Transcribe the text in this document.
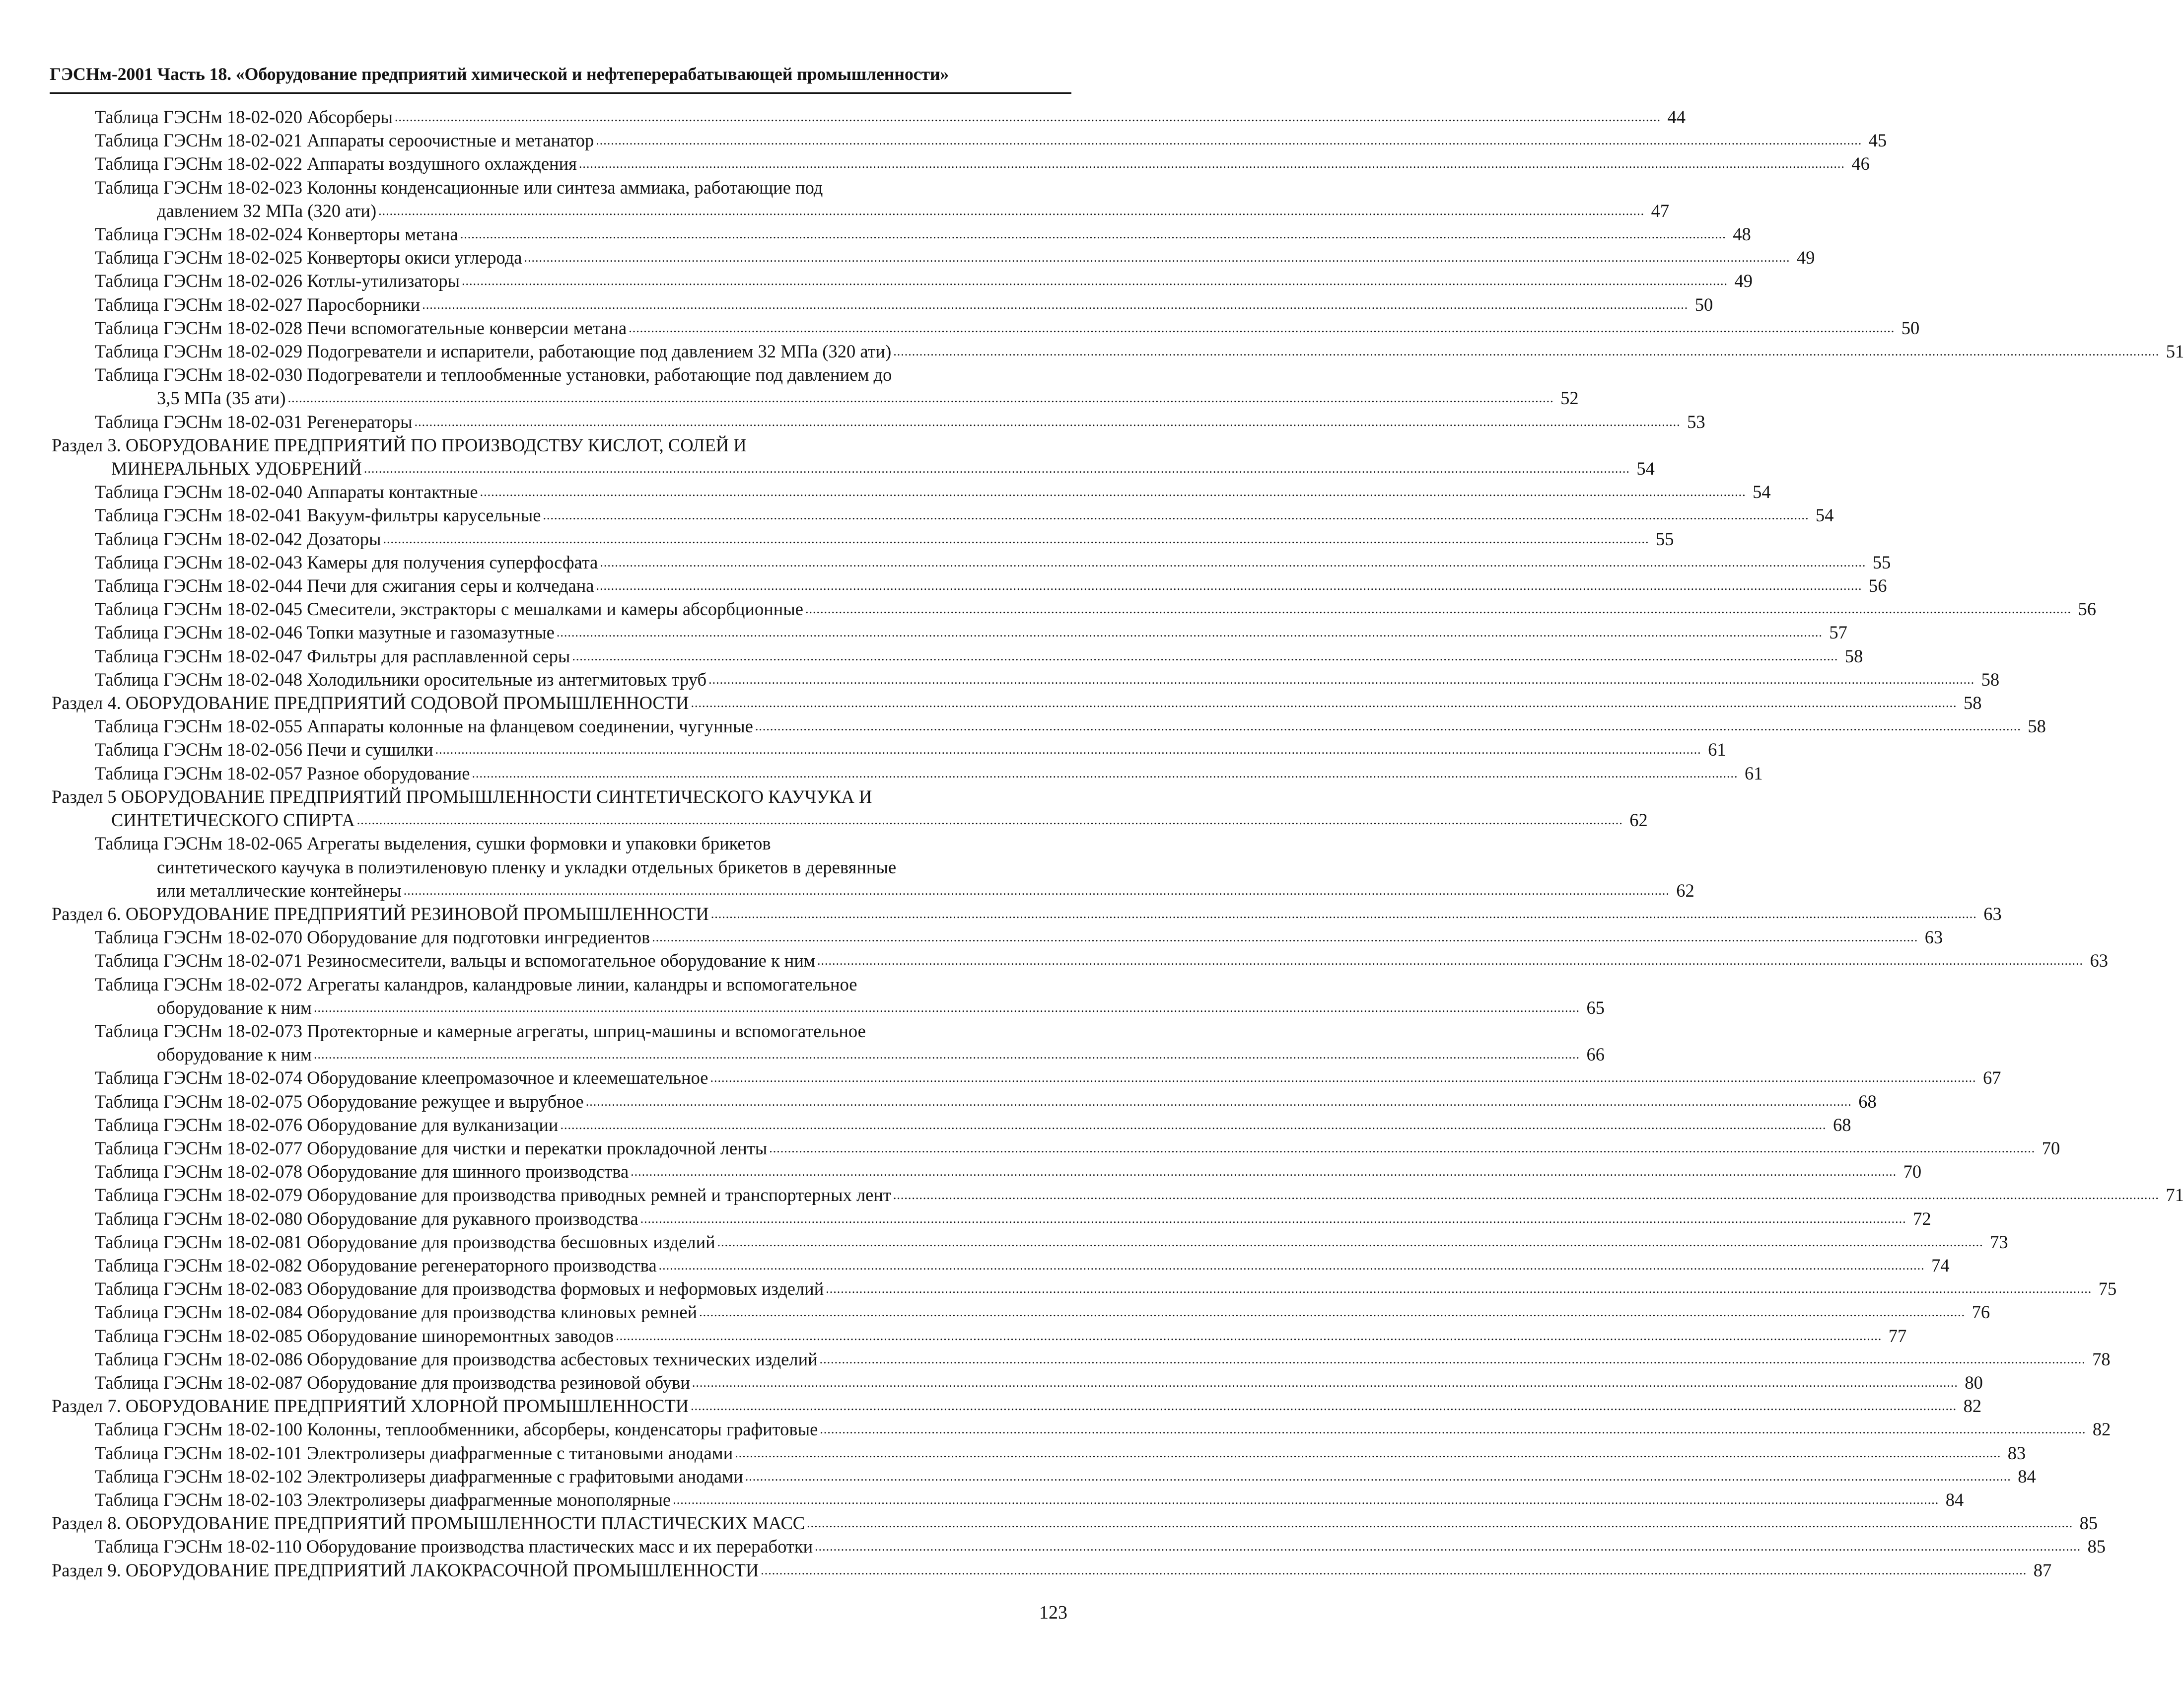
ГЭСНм-2001 Часть 18. «Оборудование предприятий химической и нефтеперерабатывающей промышленности»
Таблица ГЭСНм 18-02-020 Абсорберы .....	44
Таблица ГЭСНм 18-02-021 Аппараты сероочистные и метанатор .....	45
Таблица ГЭСНм 18-02-022 Аппараты воздушного охлаждения .....	46
Таблица ГЭСНм 18-02-023 Колонны конденсационные или синтеза аммиака, работающие под
давлением 32 МПа (320 ати) .....	47
Таблица ГЭСНм 18-02-024 Конверторы метана .....	48
Таблица ГЭСНм 18-02-025 Конверторы окиси углерода .....	49
Таблица ГЭСНм 18-02-026 Котлы-утилизаторы .....	49
Таблица ГЭСНм 18-02-027 Паросборники .....	50
Таблица ГЭСНм 18-02-028 Печи вспомогательные конверсии метана .....	50
Таблица ГЭСНм 18-02-029 Подогреватели и испарители, работающие под давлением 32 МПа (320 ати) .....	51
Таблица ГЭСНм 18-02-030 Подогреватели и теплообменные установки, работающие под давлением до
3,5 МПа (35 ати) .....	52
Таблица ГЭСНм 18-02-031 Регенераторы .....	53
Раздел 3. ОБОРУДОВАНИЕ ПРЕДПРИЯТИЙ ПО ПРОИЗВОДСТВУ КИСЛОТ, СОЛЕЙ И
МИНЕРАЛЬНЫХ УДОБРЕНИЙ .....	54
Таблица ГЭСНм 18-02-040 Аппараты контактные .....	54
Таблица ГЭСНм 18-02-041 Вакуум-фильтры карусельные .....	54
Таблица ГЭСНм 18-02-042 Дозаторы .....	55
Таблица ГЭСНм 18-02-043 Камеры для получения суперфосфата .....	55
Таблица ГЭСНм 18-02-044 Печи для сжигания серы и колчедана .....	56
Таблица ГЭСНм 18-02-045 Смесители, экстракторы с мешалками и камеры абсорбционные .....	56
Таблица ГЭСНм 18-02-046 Топки мазутные и газомазутные .....	57
Таблица ГЭСНм 18-02-047 Фильтры для расплавленной серы .....	58
Таблица ГЭСНм 18-02-048 Холодильники оросительные из антегмитовых труб .....	58
Раздел 4. ОБОРУДОВАНИЕ ПРЕДПРИЯТИЙ СОДОВОЙ ПРОМЫШЛЕННОСТИ .....	58
Таблица ГЭСНм 18-02-055 Аппараты колонные на фланцевом соединении, чугунные .....	58
Таблица ГЭСНм 18-02-056 Печи и сушилки .....	61
Таблица ГЭСНм 18-02-057 Разное оборудование .....	61
Раздел 5 ОБОРУДОВАНИЕ ПРЕДПРИЯТИЙ ПРОМЫШЛЕННОСТИ СИНТЕТИЧЕСКОГО КАУЧУКА И
СИНТЕТИЧЕСКОГО СПИРТА .....	62
Таблица ГЭСНм 18-02-065 Агрегаты выделения, сушки формовки и упаковки брикетов
синтетического каучука в полиэтиленовую пленку и укладки отдельных брикетов в деревянные
или металлические контейнеры .....	62
Раздел 6. ОБОРУДОВАНИЕ ПРЕДПРИЯТИЙ РЕЗИНОВОЙ ПРОМЫШЛЕННОСТИ .....	63
Таблица ГЭСНм 18-02-070 Оборудование для подготовки ингредиентов .....	63
Таблица ГЭСНм 18-02-071 Резиносмесители, вальцы и вспомогательное оборудование к ним .....	63
Таблица ГЭСНм 18-02-072 Агрегаты каландров, каландровые линии, каландры и вспомогательное
оборудование к ним .....	65
Таблица ГЭСНм 18-02-073 Протекторные и камерные агрегаты, шприц-машины и вспомогательное
оборудование к ним .....	66
Таблица ГЭСНм 18-02-074 Оборудование клеепромазочное и клеемешательное .....	67
Таблица ГЭСНм 18-02-075 Оборудование режущее и вырубное .....	68
Таблица ГЭСНм 18-02-076 Оборудование для вулканизации .....	68
Таблица ГЭСНм 18-02-077 Оборудование для чистки и перекатки прокладочной ленты .....	70
Таблица ГЭСНм 18-02-078 Оборудование для шинного производства .....	70
Таблица ГЭСНм 18-02-079 Оборудование для производства приводных ремней и транспортерных лент .....	71
Таблица ГЭСНм 18-02-080 Оборудование для рукавного производства .....	72
Таблица ГЭСНм 18-02-081 Оборудование для производства бесшовных изделий .....	73
Таблица ГЭСНм 18-02-082 Оборудование регенераторного производства .....	74
Таблица ГЭСНм 18-02-083 Оборудование для производства формовых и неформовых изделий .....	75
Таблица ГЭСНм 18-02-084 Оборудование для производства клиновых ремней .....	76
Таблица ГЭСНм 18-02-085 Оборудование шиноремонтных заводов .....	77
Таблица ГЭСНм 18-02-086 Оборудование для производства асбестовых технических изделий .....	78
Таблица ГЭСНм 18-02-087 Оборудование для производства резиновой обуви .....	80
Раздел 7. ОБОРУДОВАНИЕ ПРЕДПРИЯТИЙ ХЛОРНОЙ ПРОМЫШЛЕННОСТИ .....	82
Таблица ГЭСНм 18-02-100 Колонны, теплообменники, абсорберы, конденсаторы графитовые .....	82
Таблица ГЭСНм 18-02-101 Электролизеры диафрагменные с титановыми анодами .....	83
Таблица ГЭСНм 18-02-102 Электролизеры диафрагменные с графитовыми анодами .....	84
Таблица ГЭСНм 18-02-103 Электролизеры диафрагменные монополярные .....	84
Раздел 8. ОБОРУДОВАНИЕ ПРЕДПРИЯТИЙ ПРОМЫШЛЕННОСТИ ПЛАСТИЧЕСКИХ МАСС .....	85
Таблица ГЭСНм 18-02-110 Оборудование производства пластических масс и их переработки .....	85
Раздел 9. ОБОРУДОВАНИЕ ПРЕДПРИЯТИЙ ЛАКОКРАСОЧНОЙ ПРОМЫШЛЕННОСТИ .....	87
123
